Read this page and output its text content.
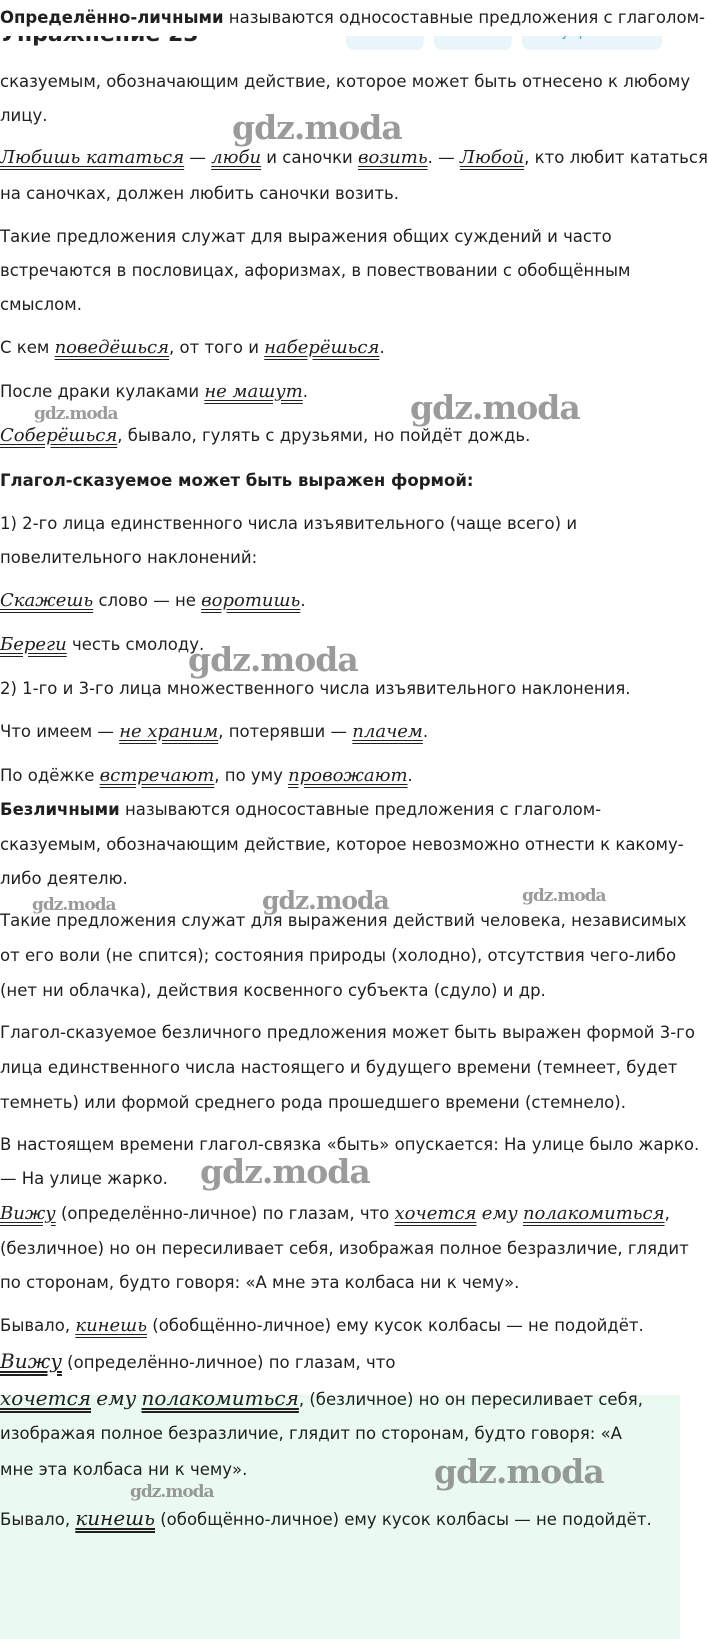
Определённо-личными называются односоставные предложения с глаголом-
сказуемым, обозначающим действие, которое может быть отнесено к любому
лицу.
Любишь кататься — люби и саночки возить. — Любой, кто любит кататься
на саночках, должен любить саночки возить.
Такие предложения служат для выражения общих суждений и часто
встречаются в пословицах, афоризмах, в повествовании с обобщённым
смыслом.
С кем поведёшься, от того и наберёшься.
После драки кулаками не машут.
Соберёшься, бывало, гулять с друзьями, но пойдёт дождь.
Глагол-сказуемое может быть выражен формой:
1) 2-го лица единственного числа изъявительного (чаще всего) и
повелительного наклонений:
Скажешь слово — не воротишь.
Береги честь смолоду.
2) 1-го и 3-го лица множественного числа изъявительного наклонения.
Что имеем — не храним, потерявши — плачем.
По одёжке встречают, по уму провожают.
Безличными называются односоставные предложения с глаголом-
сказуемым, обозначающим действие, которое невозможно отнести к какому-
либо деятелю.
Такие предложения служат для выражения действий человека, независимых
от его воли (не спится); состояния природы (холодно), отсутствия чего-либо
(нет ни облачка), действия косвенного субъекта (сдуло) и др.
Глагол-сказуемое безличного предложения может быть выражен формой 3-го
лица единственного числа настоящего и будущего времени (темнеет, будет
темнеть) или формой среднего рода прошедшего времени (стемнело).
В настоящем времени глагол-связка «быть» опускается: На улице было жарко.
— На улице жарко.
Вижу (определённо-личное) по глазам, что хочется ему полакомиться,
(безличное) но он пересиливает себя, изображая полное безразличие, глядит
по сторонам, будто говоря: «А мне эта колбаса ни к чему».
Бывало, кинешь (обобщённо-личное) ему кусок колбасы — не подойдёт.
Вижу (определённо-личное) по глазам, что
хочется ему полакомиться, (безличное) но он пересиливает себя,
изображая полное безразличие, глядит по сторонам, будто говоря: «А
мне эта колбаса ни к чему».
Бывало, кинешь (обобщённо-личное) ему кусок колбасы — не подойдёт.
gdz.moda
gdz.moda	gdz.moda
gdz.moda
gdz.moda	gdz.moda	gdz.moda
gdz.moda
gdz.moda
gdz.moda
